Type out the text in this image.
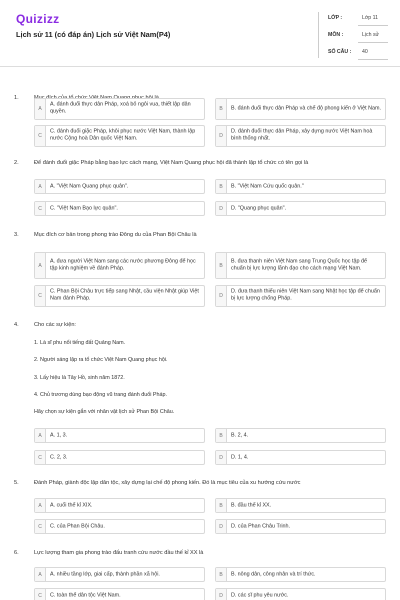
Quizizz
Lịch sử 11 (có đáp án) Lịch sử Việt Nam(P4)
LỚP :	Lớp 11
MÔN :	Lịch sử
SỐ CÂU : 40
1.
A
A. đánh đuổi thực dân Pháp, xoá bỏ ngôi vua, thiết lập dân quyền.	B	B. đánh đuổi thực dân Pháp và chế độ phong kiến ở Việt Nam.
C
C. đánh đuổi giặc Pháp, khôi phục nước Việt Nam, thành lập nước Cộng hoà Dân quốc Việt Nam.	D
D. đánh đuổi thực dân Pháp, xây dựng nước Việt Nam hoà bình thống nhất.
2.	Để đánh đuổi giặc Pháp bằng bạo lực cách mạng, Việt Nam Quang phục hội đã thành lập tổ chức có tên gọi là
A	A. "Việt Nam Quang phục quân".	B	B. "Việt Nam Cứu quốc quân."
C	C. "Việt Nam Bạo lực quân".	D	D. "Quang phục quân".
3.	Mục đích cơ bản trong phong trào Đông du của Phan Bội Châu là
A
A. đưa người Việt Nam sang các nước phương Đông để học tập kinh nghiệm về đánh Pháp.	B
B. đưa thanh niên Việt Nam sang Trung Quốc học tập để chuẩn bị lực lượng lãnh đạo cho cách mạng Việt Nam.
C
C. Phan Bội Châu trực tiếp sang Nhật, cầu viện Nhật giúp Việt Nam đánh Pháp.	D
D. đưa thanh thiếu niên Việt Nam sang Nhật học tập để chuẩn bị lực lượng chống Pháp.
4.	Cho các sự kiện:
1. Là sĩ phu nổi tiếng đất Quảng Nam.
2. Người sáng lập ra tổ chức Việt Nam Quang phục hội.
3. Lấy hiệu là Tây Hồ, sinh năm 1872.
4. Chủ trương dùng bạo động vũ trang đánh đuổi Pháp.
Hãy chọn sự kiện gắn với nhân vật lịch sử Phan Bội Châu.
A	A. 1, 3.	B	B. 2, 4.
C	C. 2, 3.	D	D. 1, 4.
5.	Đánh Pháp, giành độc lập dân tộc, xây dựng lại chế độ phong kiến. Đó là mục tiêu của xu hướng cứu nước
A	A. cuối thế kỉ XIX.	B	B. đầu thế kỉ XX.
C	C. của Phan Bội Châu.	D	D. của Phan Châu Trinh.
6.	Lực lượng tham gia phong trào đấu tranh cứu nước đầu thế kỉ XX là
A	A. nhiều tầng lớp, giai cấp, thành phần xã hội.	B	B. nông dân, công nhân và trí thức.
C	C. toàn thể dân tộc Việt Nam.	D	D. các sĩ phu yêu nước.
